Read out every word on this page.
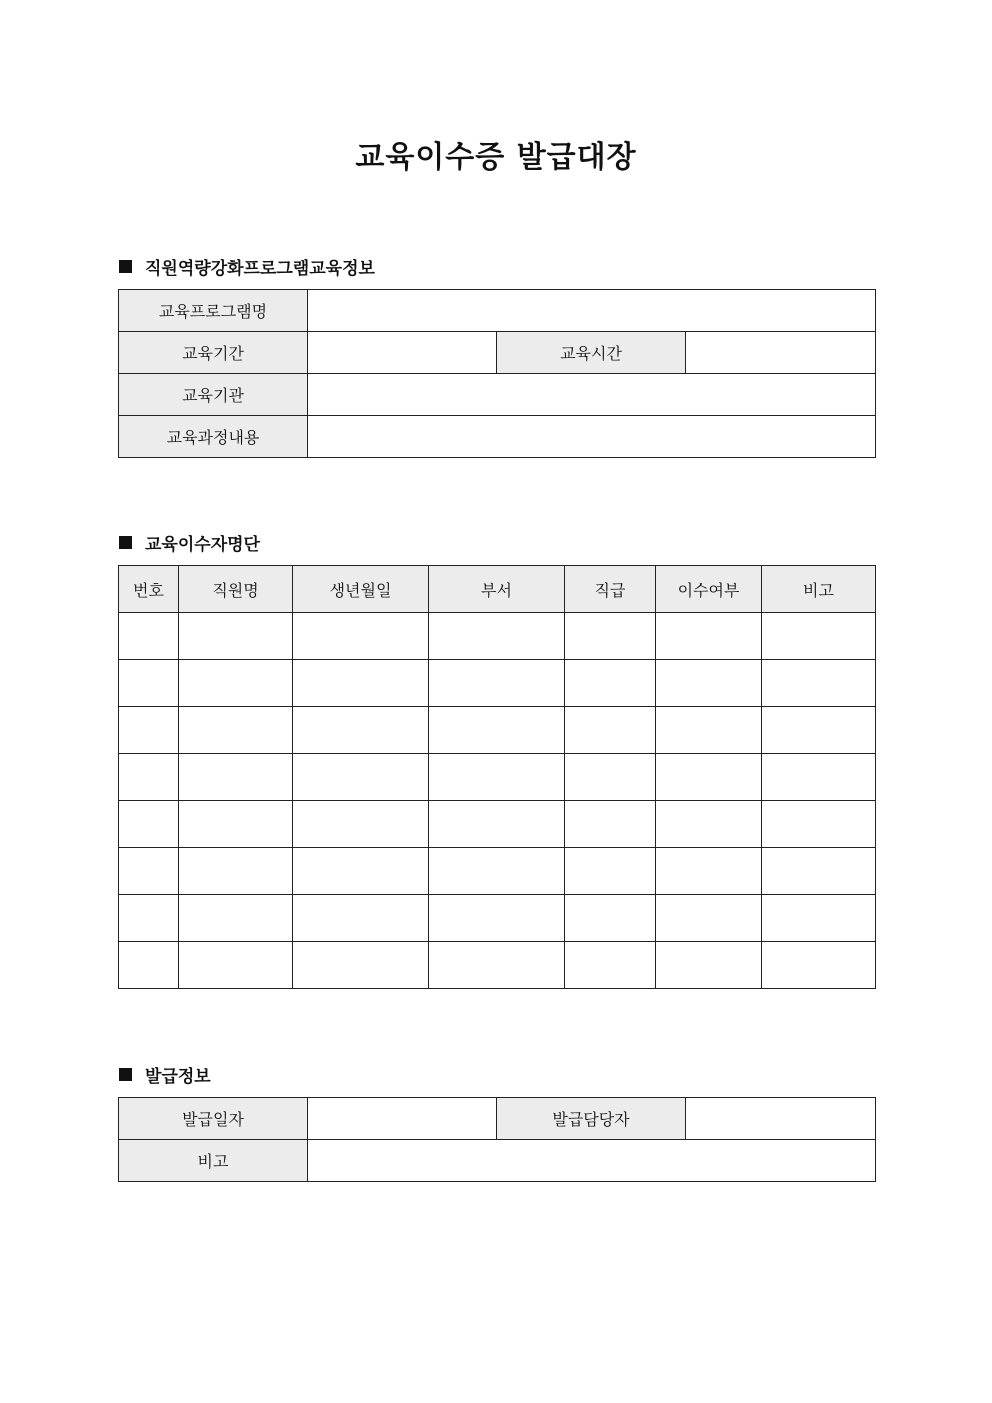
교육이수증 발급대장
직원역량강화프로그램교육정보
교육프로그램명			
교육기간		교육시간	
교육기관			
교육과정내용			
교육이수자명단
번호	직원명	생년월일	부서	직급	이수여부	비고

발급정보
발급일자		발급담당자	
비고			
